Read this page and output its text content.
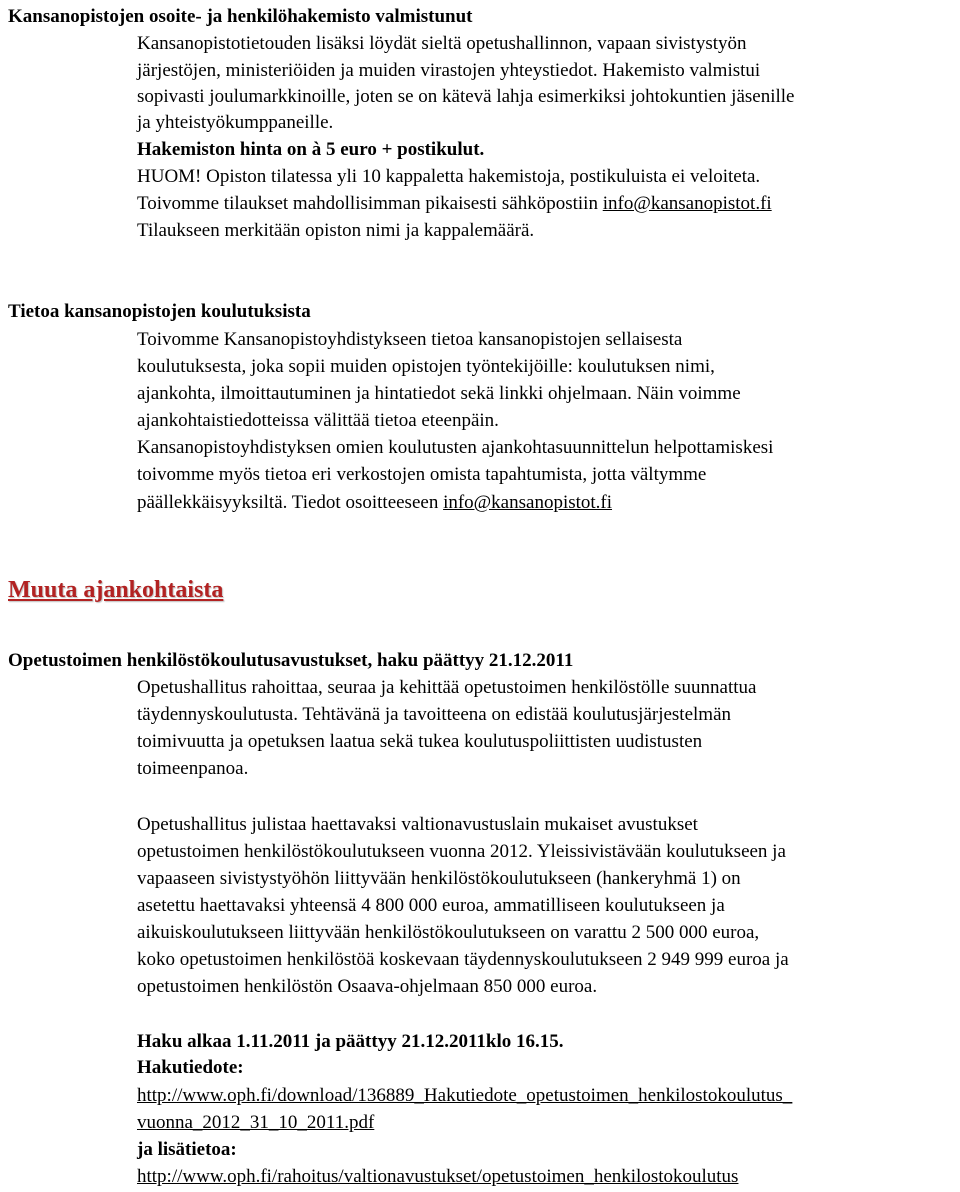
Kansanopistojen osoite- ja henkilöhakemisto valmistunut
Kansanopistotietouden lisäksi löydät sieltä opetushallinnon, vapaan sivistystyön
järjestöjen, ministeriöiden ja muiden virastojen yhteystiedot. Hakemisto valmistui
sopivasti joulumarkkinoille, joten se on kätevä lahja esimerkiksi johtokuntien jäsenille
ja yhteistyökumppaneille.
Hakemiston hinta on à 5 euro + postikulut.
HUOM! Opiston tilatessa yli 10 kappaletta hakemistoja, postikuluista ei veloiteta.
Toivomme tilaukset mahdollisimman pikaisesti sähköpostiin info@kansanopistot.fi
Tilaukseen merkitään opiston nimi ja kappalemäärä.
Tietoa kansanopistojen koulutuksista
Toivomme Kansanopistoyhdistykseen tietoa kansanopistojen sellaisesta
koulutuksesta, joka sopii muiden opistojen työntekijöille: koulutuksen nimi,
ajankohta, ilmoittautuminen ja hintatiedot sekä linkki ohjelmaan. Näin voimme
ajankohtaistiedotteissa välittää tietoa eteenpäin.
Kansanopistoyhdistyksen omien koulutusten ajankohtasuunnittelun helpottamiskesi
toivomme myös tietoa eri verkostojen omista tapahtumista, jotta vältymme
päällekkäisyyksiltä. Tiedot osoitteeseen info@kansanopistot.fi
Muuta ajankohtaista
Opetustoimen henkilöstökoulutusavustukset, haku päättyy 21.12.2011
Opetushallitus rahoittaa, seuraa ja kehittää opetustoimen henkilöstölle suunnattua
täydennyskoulutusta. Tehtävänä ja tavoitteena on edistää koulutusjärjestelmän
toimivuutta ja opetuksen laatua sekä tukea koulutuspoliittisten uudistusten
toimeenpanoa.
Opetushallitus julistaa haettavaksi valtionavustuslain mukaiset avustukset
opetustoimen henkilöstökoulutukseen vuonna 2012. Yleissivistävään koulutukseen ja
vapaaseen sivistystyöhön liittyvään henkilöstökoulutukseen (hankeryhmä 1) on
asetettu haettavaksi yhteensä 4 800 000 euroa, ammatilliseen koulutukseen ja
aikuiskoulutukseen liittyvään henkilöstökoulutukseen on varattu 2 500 000 euroa,
koko opetustoimen henkilöstöä koskevaan täydennyskoulutukseen 2 949 999 euroa ja
opetustoimen henkilöstön Osaava-ohjelmaan 850 000 euroa.
Haku alkaa 1.11.2011 ja päättyy 21.12.2011klo 16.15.
Hakutiedote:
http://www.oph.fi/download/136889_Hakutiedote_opetustoimen_henkilostokoulutus_
vuonna_2012_31_10_2011.pdf
ja lisätietoa:
http://www.oph.fi/rahoitus/valtionavustukset/opetustoimen_henkilostokoulutus
